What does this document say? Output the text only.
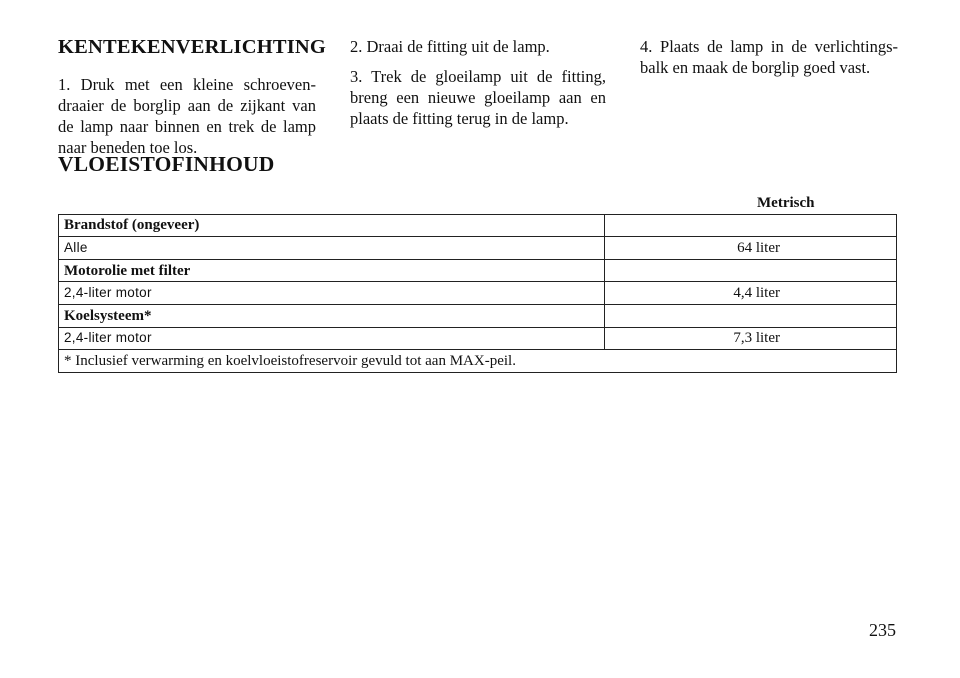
KENTEKENVERLICHTING

1. Druk met een kleine schroeven-draaier de borglip aan de zijkant van de lamp naar binnen en trek de lamp naar beneden toe los.

2. Draai de fitting uit de lamp.

3. Trek de gloeilamp uit de fitting, breng een nieuwe gloeilamp aan en plaats de fitting terug in de lamp.

4. Plaats de lamp in de verlichtings-balk en maak de borglip goed vast.

VLOEISTOFINHOUD
Metrisch	
Brandstof (ongeveer)	
Alle	64 liter
Motorolie met filter	
2,4-liter motor	4,4 liter
Koelsysteem*	
2,4-liter motor	7,3 liter
* Inclusief verwarming en koelvloeistofreservoir gevuld tot aan MAX-peil.	
235
